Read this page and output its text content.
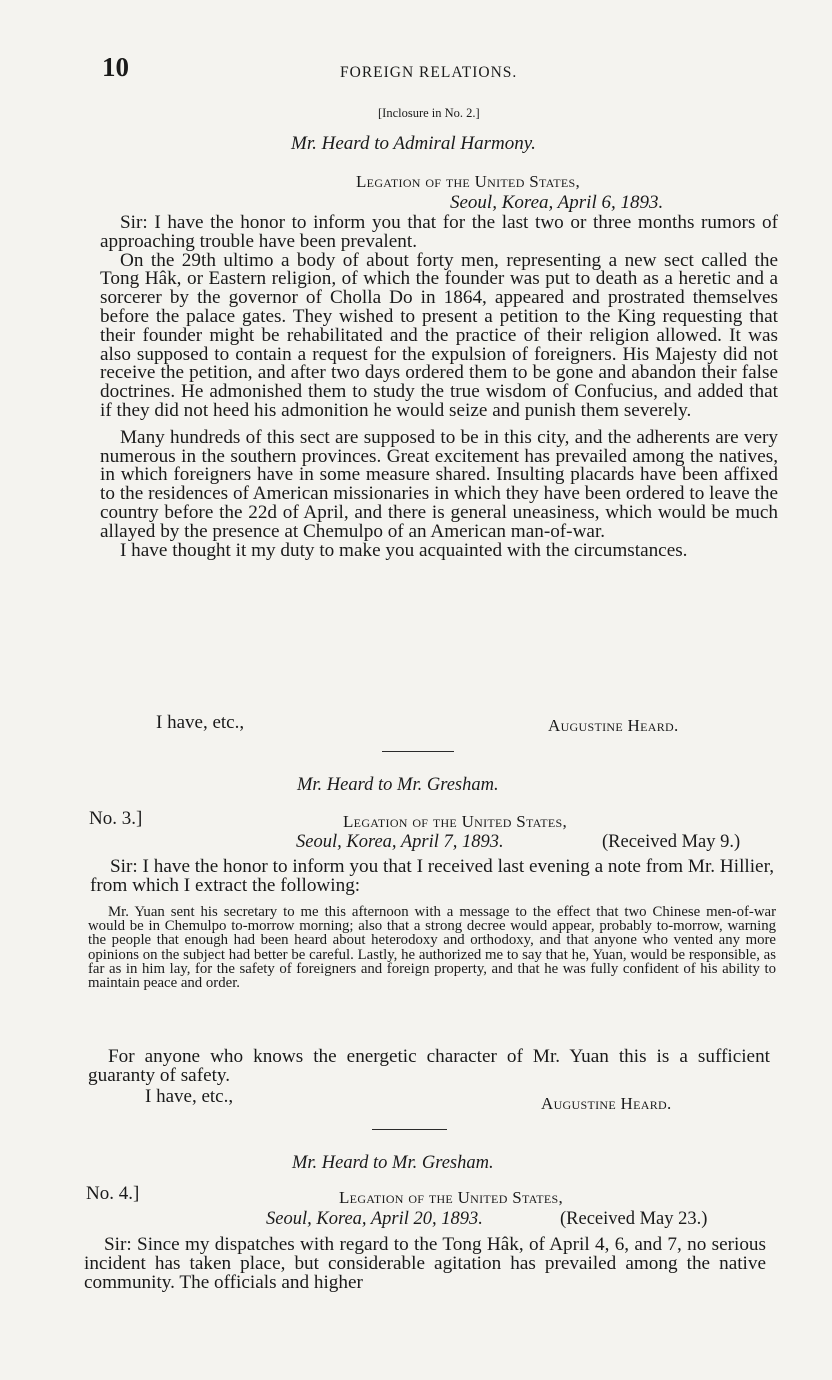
10	FOREIGN RELATIONS.
[Inclosure in No. 2.]
Mr. Heard to Admiral Harmony.
Legation of the United States,
Seoul, Korea, April 6, 1893.

Sir: I have the honor to inform you that for the last two or three months rumors of approaching trouble have been prevalent.

On the 29th ultimo a body of about forty men, representing a new sect called the Tong Hâk, or Eastern religion, of which the founder was put to death as a heretic and a sorcerer by the governor of Cholla Do in 1864, appeared and prostrated themselves before the palace gates. They wished to present a petition to the King requesting that their founder might be rehabilitated and the practice of their religion allowed. It was also supposed to contain a request for the expulsion of foreigners. His Majesty did not receive the petition, and after two days ordered them to be gone and abandon their false doctrines. He admonished them to study the true wisdom of Confucius, and added that if they did not heed his admonition he would seize and punish them severely.

Many hundreds of this sect are supposed to be in this city, and the adherents are very numerous in the southern provinces. Great excitement has prevailed among the natives, in which foreigners have in some measure shared. Insulting placards have been affixed to the residences of American missionaries in which they have been ordered to leave the country before the 22d of April, and there is general uneasiness, which would be much allayed by the presence at Chemulpo of an American man-of-war.

I have thought it my duty to make you acquainted with the circumstances.

I have, etc.,	Augustine Heard.
Mr. Heard to Mr. Gresham.
No. 3.]	Legation of the United States,
Seoul, Korea, April 7, 1893.	(Received May 9.)

Sir: I have the honor to inform you that I received last evening a note from Mr. Hillier, from which I extract the following:

Mr. Yuan sent his secretary to me this afternoon with a message to the effect that two Chinese men-of-war would be in Chemulpo to-morrow morning; also that a strong decree would appear, probably to-morrow, warning the people that enough had been heard about heterodoxy and orthodoxy, and that anyone who vented any more opinions on the subject had better be careful. Lastly, he authorized me to say that he, Yuan, would be responsible, as far as in him lay, for the safety of foreigners and foreign property, and that he was fully confident of his ability to maintain peace and order.

For anyone who knows the energetic character of Mr. Yuan this is a sufficient guaranty of safety.

I have, etc.,	Augustine Heard.
Mr. Heard to Mr. Gresham.
No. 4.]	Legation of the United States,
Seoul, Korea, April 20, 1893.	(Received May 23.)

Sir: Since my dispatches with regard to the Tong Hâk, of April 4, 6, and 7, no serious incident has taken place, but considerable agitation has prevailed among the native community. The officials and higher
